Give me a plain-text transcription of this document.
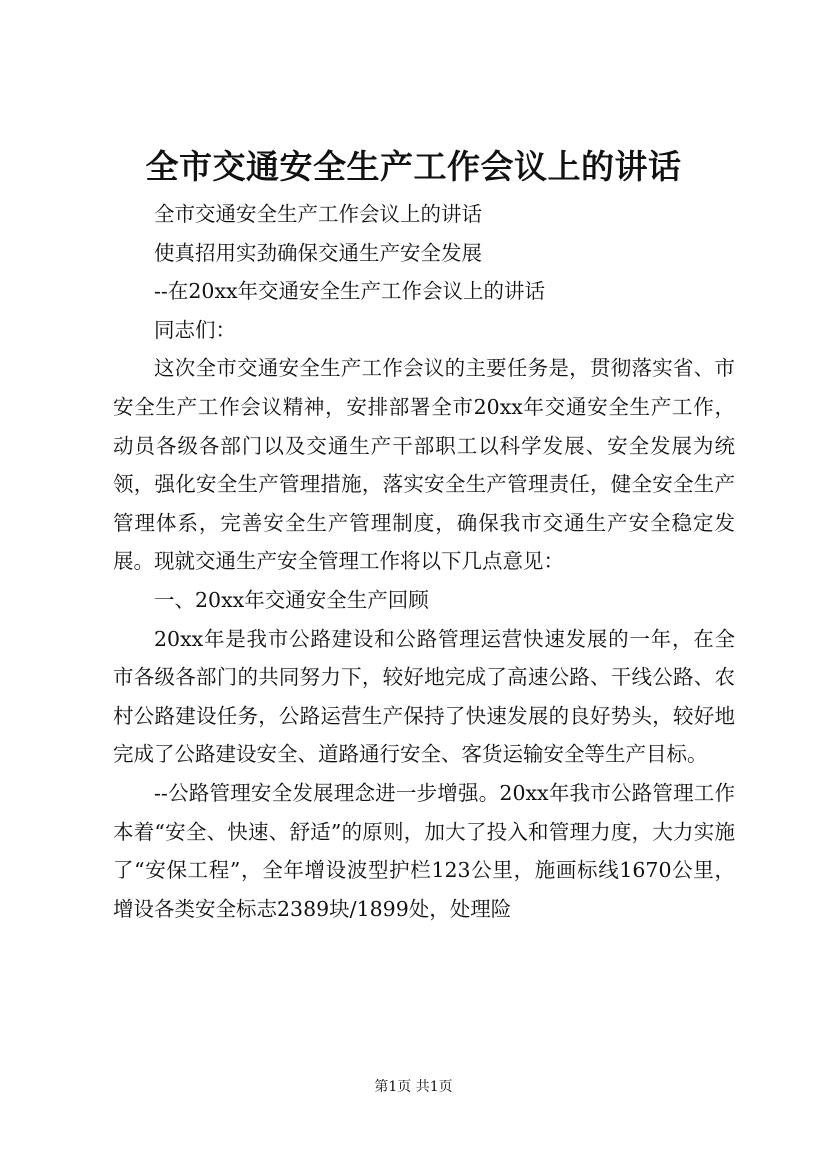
全市交通安全生产工作会议上的讲话

全市交通安全生产工作会议上的讲话

使真招用实劲确保交通生产安全发展

--在20xx年交通安全生产工作会议上的讲话

同志们：

这次全市交通安全生产工作会议的主要任务是，贯彻落实省、市安全生产工作会议精神，安排部署全市20xx年交通安全生产工作，动员各级各部门以及交通生产干部职工以科学发展、安全发展为统领，强化安全生产管理措施，落实安全生产管理责任，健全安全生产管理体系，完善安全生产管理制度，确保我市交通生产安全稳定发展。现就交通生产安全管理工作将以下几点意见：

一、20xx年交通安全生产回顾

20xx年是我市公路建设和公路管理运营快速发展的一年，在全市各级各部门的共同努力下，较好地完成了高速公路、干线公路、农村公路建设任务，公路运营生产保持了快速发展的良好势头，较好地完成了公路建设安全、道路通行安全、客货运输安全等生产目标。

--公路管理安全发展理念进一步增强。20xx年我市公路管理工作本着“安全、快速、舒适”的原则，加大了投入和管理力度，大力实施了“安保工程”，全年增设波型护栏123公里，施画标线1670公里，增设各类安全标志2389块/1899处，处理险

第1页 共1页
